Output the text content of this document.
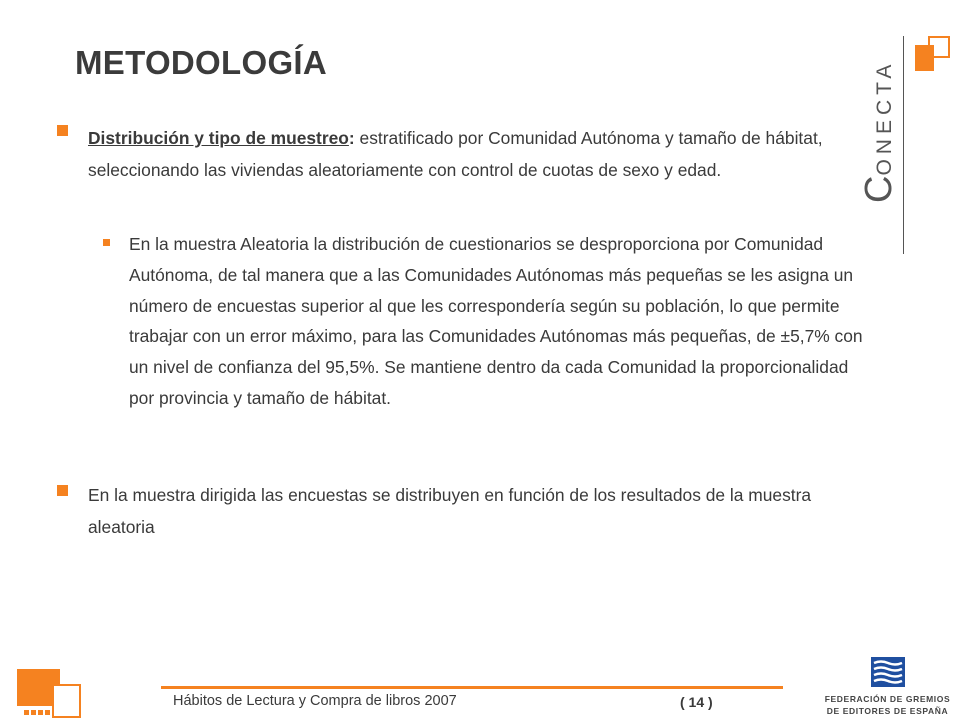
METODOLOGÍA
Distribución y tipo de muestreo: estratificado por Comunidad Autónoma y tamaño de hábitat, seleccionando las viviendas aleatoriamente con control de cuotas de sexo y edad.
En la muestra Aleatoria la distribución de cuestionarios se desproporciona por Comunidad Autónoma, de tal manera que a las Comunidades Autónomas más pequeñas se les asigna un número de encuestas superior al que les correspondería según su población, lo que permite trabajar con un error máximo, para las Comunidades Autónomas más pequeñas, de ±5,7% con un nivel de confianza del 95,5%. Se mantiene dentro da cada Comunidad la proporcionalidad por provincia y tamaño de hábitat.
En la muestra dirigida las encuestas se distribuyen en función de los resultados de la muestra aleatoria
CONECTA
Hábitos de Lectura y Compra de libros 2007	( 14 )	FEDERACIÓN DE GREMIOS
DE EDITORES DE ESPAÑA
